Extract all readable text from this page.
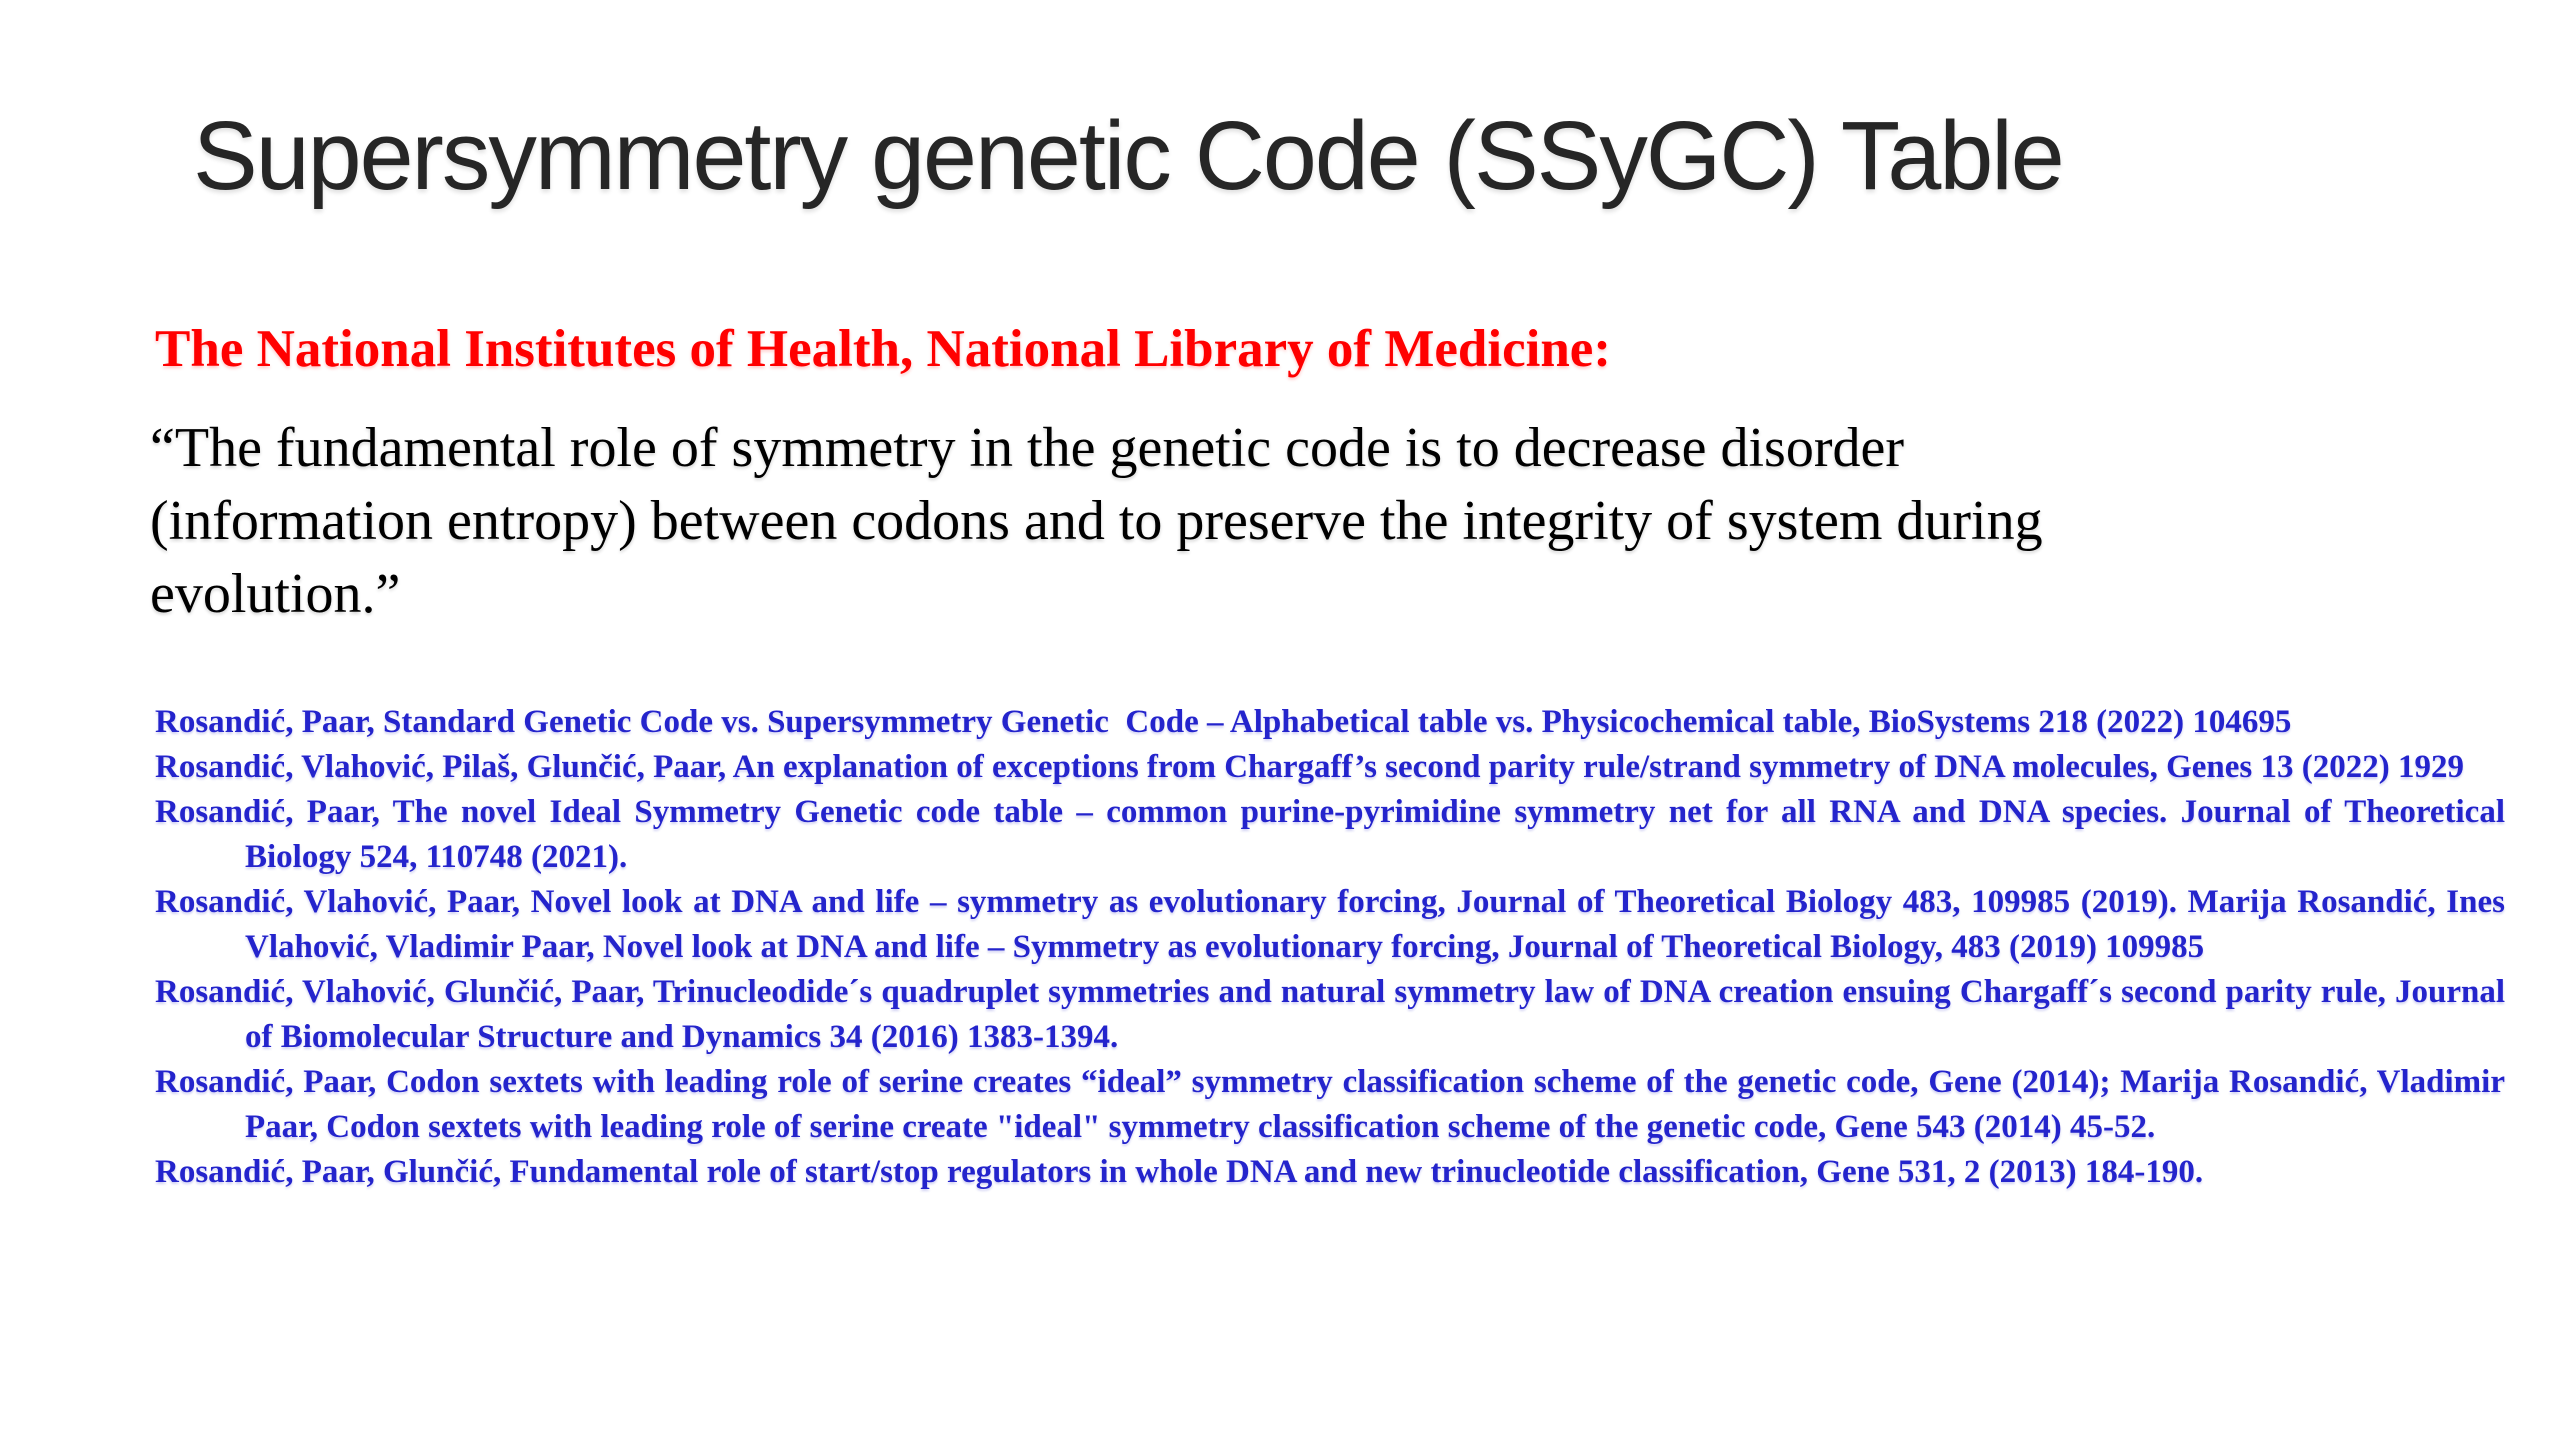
Supersymmetry genetic Code (SSyGC) Table
The National Institutes of Health, National Library of Medicine:
“The fundamental role of symmetry in the genetic code is to decrease disorder
(information entropy) between codons and to preserve the integrity of system during
evolution.”

Rosandić, Paar, Standard Genetic Code vs. Supersymmetry Genetic  Code – Alphabetical table vs. Physicochemical table, BioSystems 218 (2022) 104695

Rosandić, Vlahović, Pilaš, Glunčić, Paar, An explanation of exceptions from Chargaff’s second parity rule/strand symmetry of DNA molecules, Genes 13 (2022) 1929

Rosandić, Paar, The novel Ideal Symmetry Genetic code table – common purine-pyrimidine symmetry net for all RNA and DNA species. Journal of Theoretical Biology 524, 110748 (2021).

Rosandić, Vlahović, Paar, Novel look at DNA and life – symmetry as evolutionary forcing, Journal of Theoretical Biology 483, 109985 (2019). Marija Rosandić, Ines Vlahović, Vladimir Paar, Novel look at DNA and life – Symmetry as evolutionary forcing, Journal of Theoretical Biology, 483 (2019) 109985

Rosandić, Vlahović, Glunčić, Paar, Trinucleodide´s quadruplet symmetries and natural symmetry law of DNA creation ensuing Chargaff´s second parity rule, Journal of Biomolecular Structure and Dynamics 34 (2016) 1383-1394.

Rosandić, Paar, Codon sextets with leading role of serine creates “ideal” symmetry classification scheme of the genetic code, Gene (2014); Marija Rosandić, Vladimir Paar, Codon sextets with leading role of serine create "ideal" symmetry classification scheme of the genetic code, Gene 543 (2014) 45-52.

Rosandić, Paar, Glunčić, Fundamental role of start/stop regulators in whole DNA and new trinucleotide classification, Gene 531, 2 (2013) 184-190.
